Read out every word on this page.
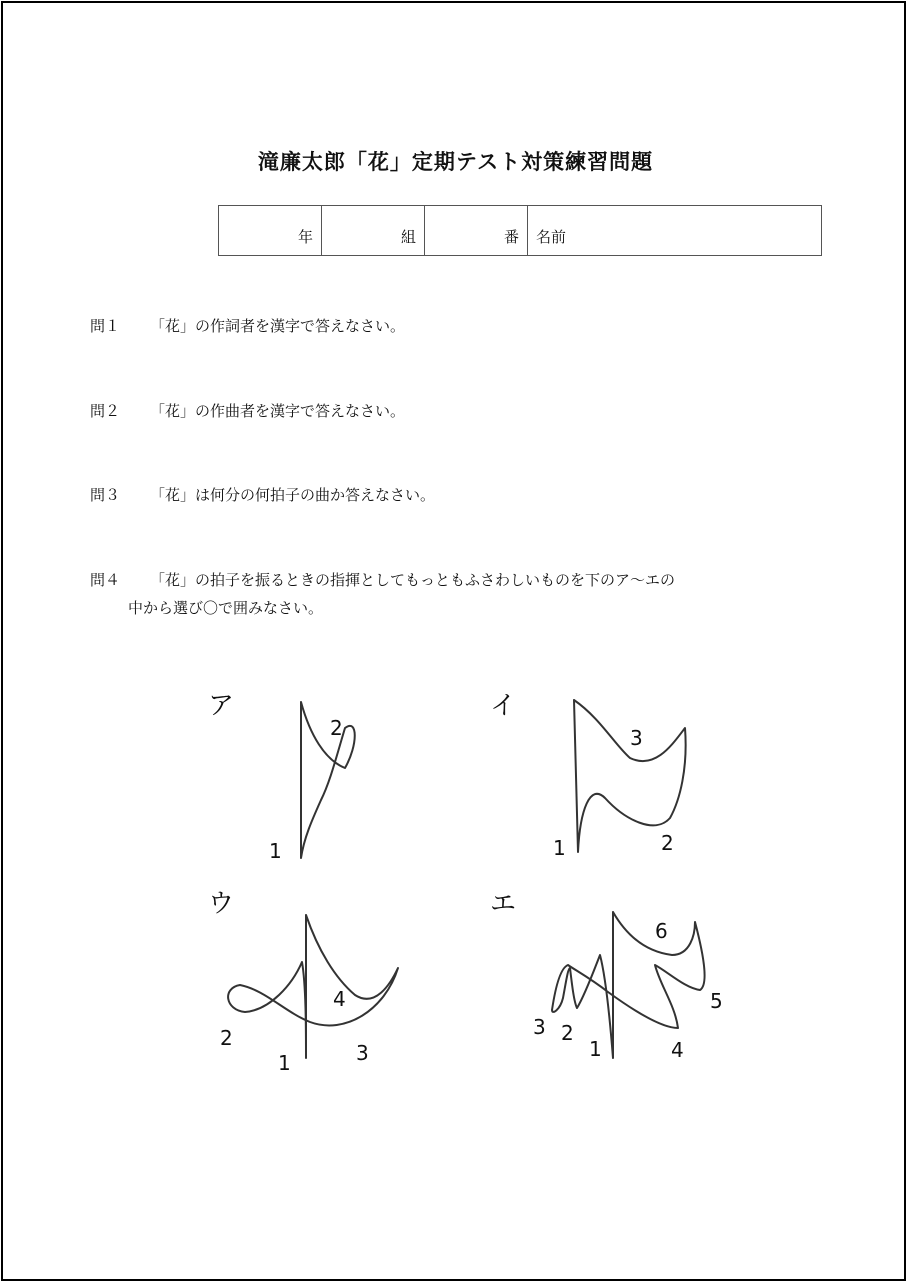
滝廉太郎「花」定期テスト対策練習問題
年	組	番	名前
問１ 「花」の作詞者を漢字で答えなさい。
問２ 「花」の作曲者を漢字で答えなさい。
問３ 「花」は何分の何拍子の曲か答えなさい。
問４ 「花」の拍子を振るときの指揮としてもっともふさわしいものを下のア～エの
中から選び〇で囲みなさい。
ア	イ
ウ	エ
1
2
1	2
3
1
2
3
4
1
2
3
4
5
6
